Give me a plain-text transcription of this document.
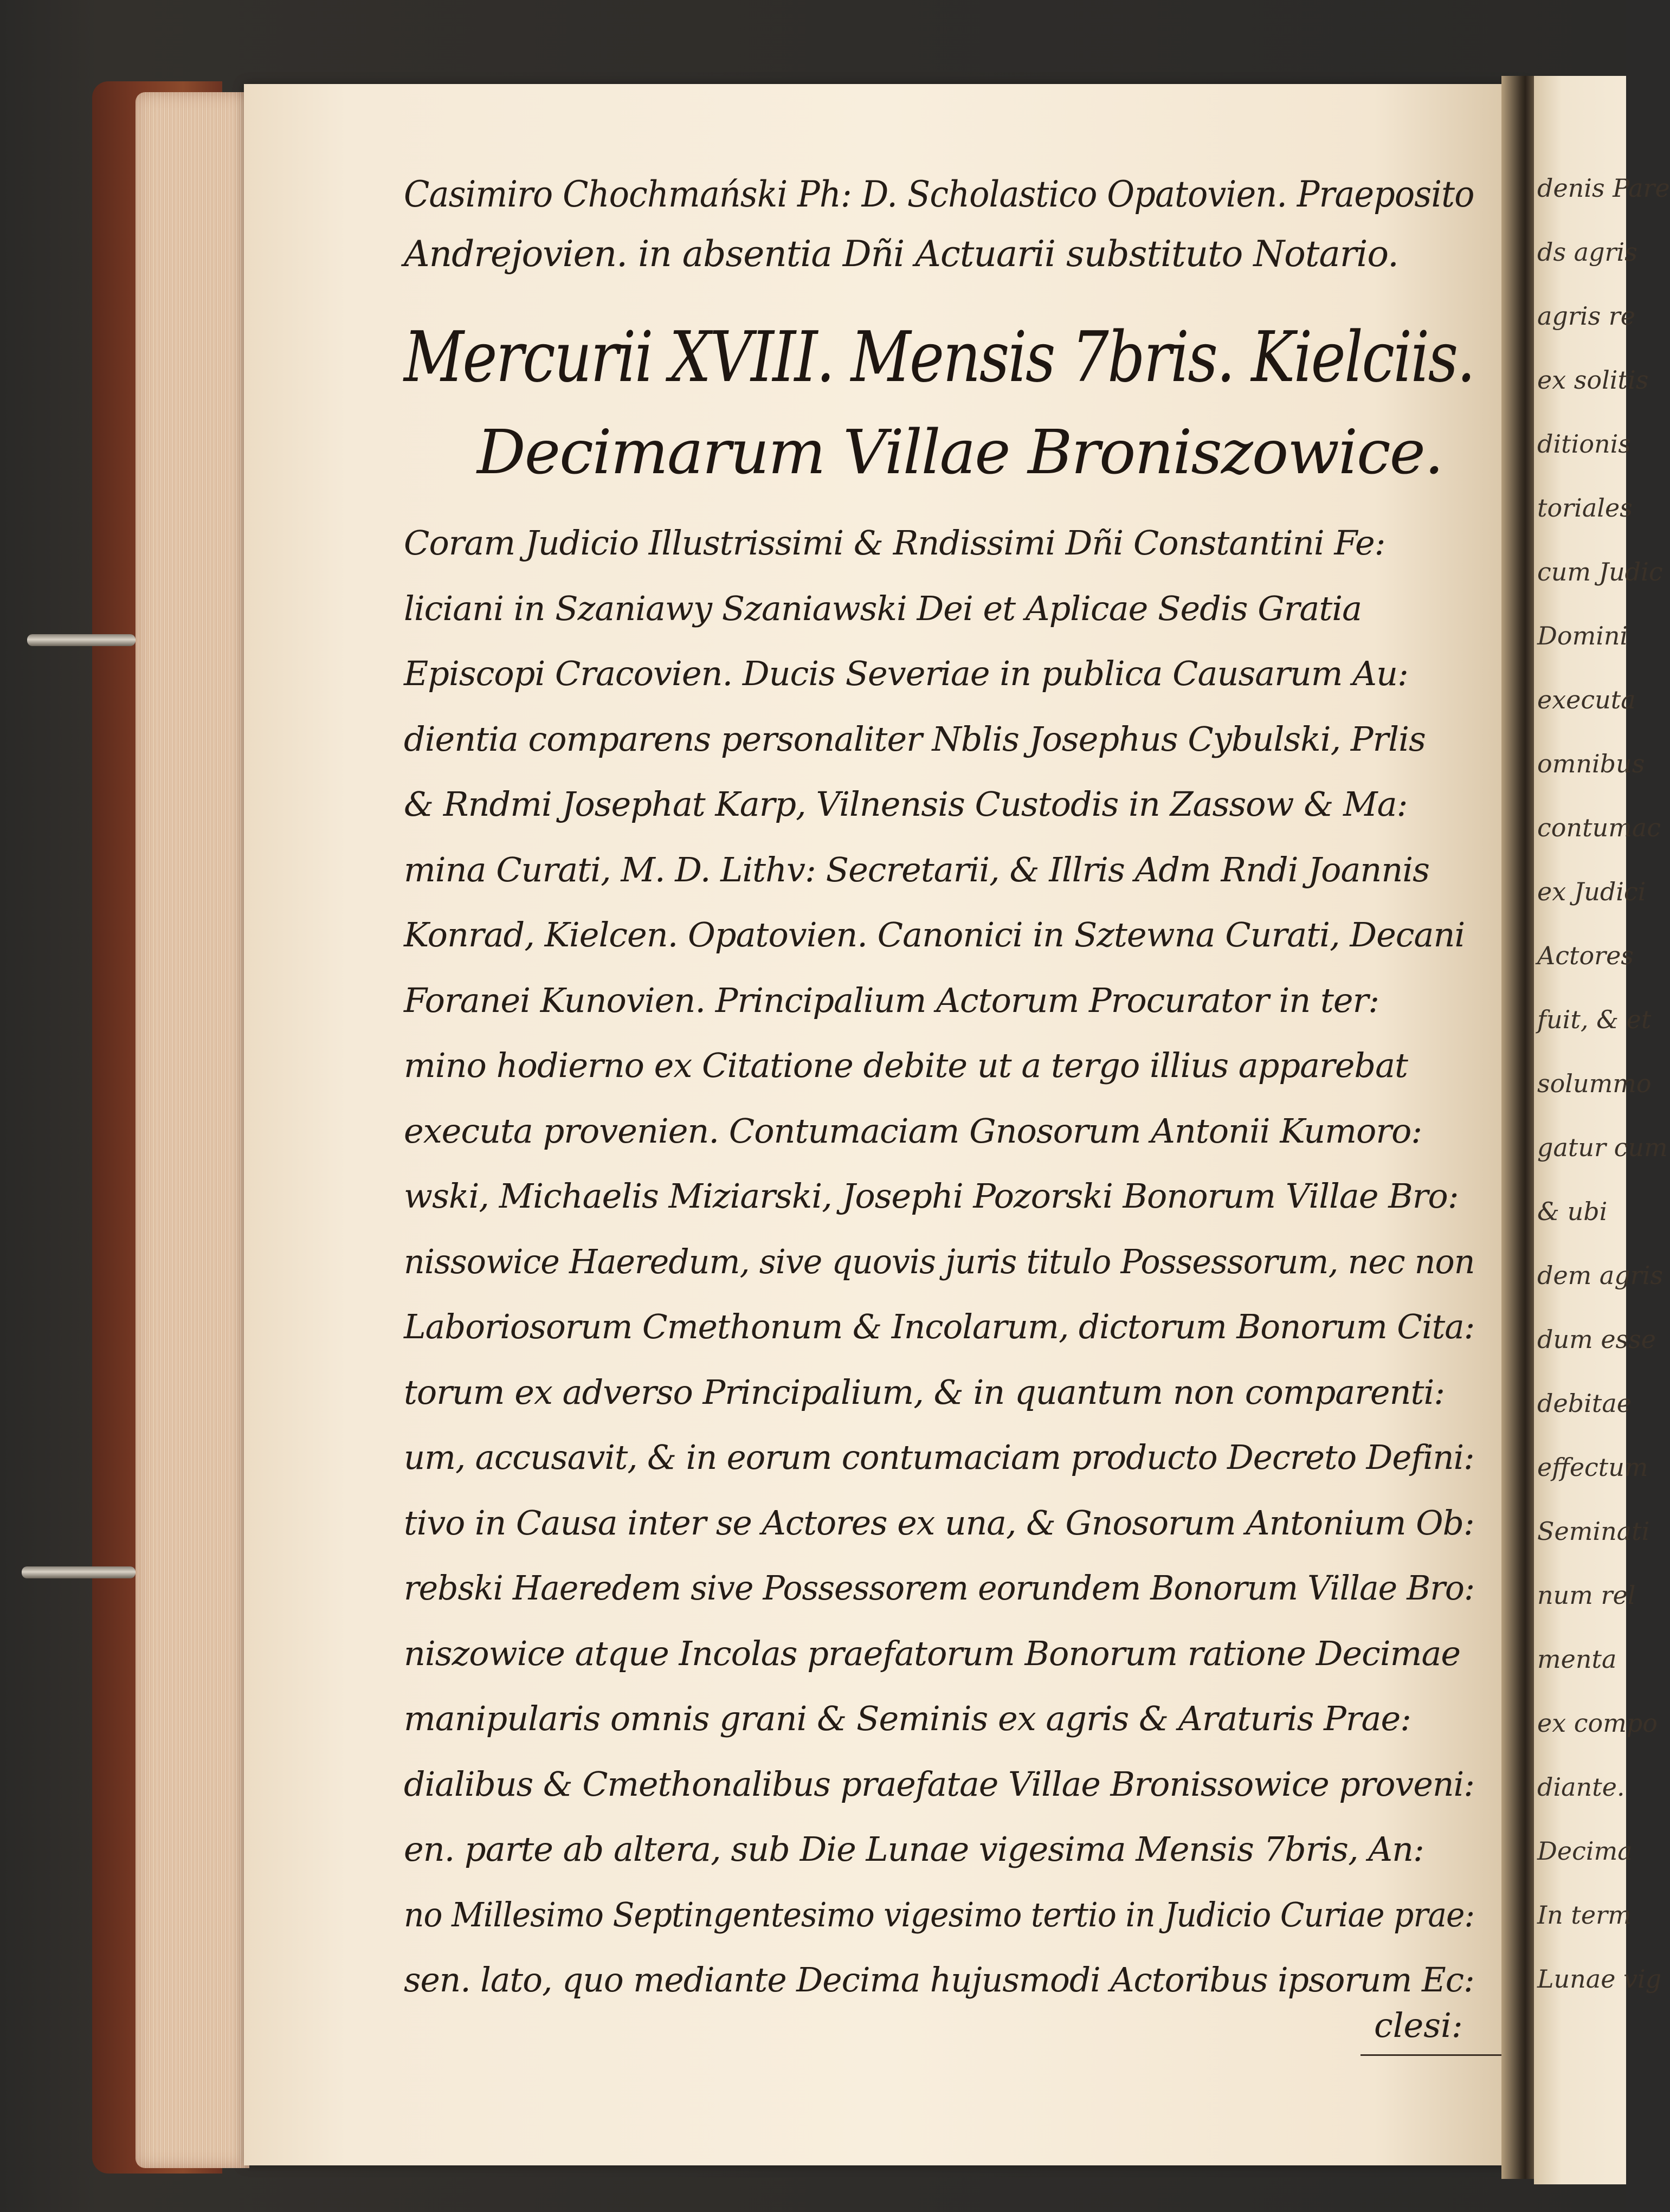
denis Pare
ds agris
agris re
ex solitis
ditionis
toriales
cum Judic
Domini
executa
omnibus
contumac
ex Judici
Actores
fuit, & et
solummo
gatur cum
& ubi
dem agris
dum esse
debitae
effectum
Seminati
num rel
menta
ex compo
diante.
Decima
In term
Lunae vig
Casimiro Chochmański Ph: D. Scholastico Opatovien. Praeposito
Andrejovien. in absentia Dñi Actuarii substituto Notario.
Mercurii XVIII. Mensis 7bris. Kielciis.
Decimarum Villae Broniszowice.
Coram Judicio Illustrissimi & Rndissimi Dñi Constantini Fe:
liciani in Szaniawy Szaniawski Dei et Aplicae Sedis Gratia
Episcopi Cracovien. Ducis Severiae in publica Causarum Au:
dientia comparens personaliter Nblis Josephus Cybulski, Prlis
& Rndmi Josephat Karp, Vilnensis Custodis in Zassow & Ma:
mina Curati, M. D. Lithv: Secretarii, & Illris Adm Rndi Joannis
Konrad, Kielcen. Opatovien. Canonici in Sztewna Curati, Decani
Foranei Kunovien. Principalium Actorum Procurator in ter:
mino hodierno ex Citatione debite ut a tergo illius apparebat
executa provenien. Contumaciam Gnosorum Antonii Kumoro:
wski, Michaelis Miziarski, Josephi Pozorski Bonorum Villae Bro:
nissowice Haeredum, sive quovis juris titulo Possessorum, nec non
Laboriosorum Cmethonum & Incolarum, dictorum Bonorum Cita:
torum ex adverso Principalium, & in quantum non comparenti:
um, accusavit, & in eorum contumaciam producto Decreto Defini:
tivo in Causa inter se Actores ex una, & Gnosorum Antonium Ob:
rebski Haeredem sive Possessorem eorundem Bonorum Villae Bro:
niszowice atque Incolas praefatorum Bonorum ratione Decimae
manipularis omnis grani & Seminis ex agris & Araturis Prae:
dialibus & Cmethonalibus praefatae Villae Bronissowice proveni:
en. parte ab altera, sub Die Lunae vigesima Mensis 7bris, An:
no Millesimo Septingentesimo vigesimo tertio in Judicio Curiae prae:
sen. lato, quo mediante Decima hujusmodi Actoribus ipsorum Ec:
clesi:
